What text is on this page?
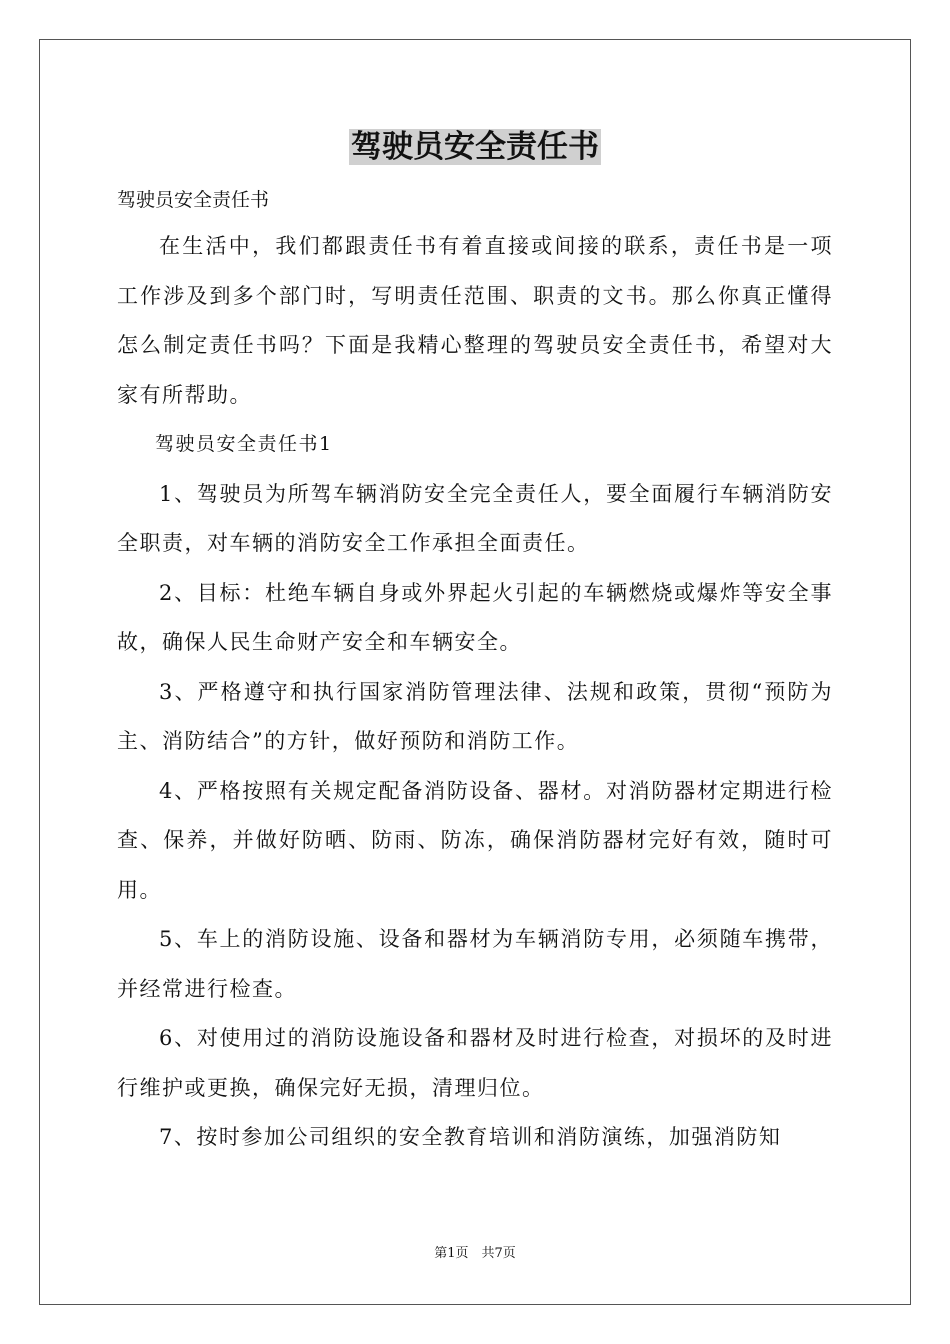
驾驶员安全责任书

驾驶员安全责任书

在生活中，我们都跟责任书有着直接或间接的联系，责任书是一项工作涉及到多个部门时，写明责任范围、职责的文书。那么你真正懂得怎么制定责任书吗？下面是我精心整理的驾驶员安全责任书，希望对大家有所帮助。

驾驶员安全责任书1

1、驾驶员为所驾车辆消防安全完全责任人，要全面履行车辆消防安全职责，对车辆的消防安全工作承担全面责任。

2、目标：杜绝车辆自身或外界起火引起的车辆燃烧或爆炸等安全事故，确保人民生命财产安全和车辆安全。

3、严格遵守和执行国家消防管理法律、法规和政策，贯彻“预防为主、消防结合”的方针，做好预防和消防工作。

4、严格按照有关规定配备消防设备、器材。对消防器材定期进行检查、保养，并做好防晒、防雨、防冻，确保消防器材完好有效，随时可用。

5、车上的消防设施、设备和器材为车辆消防专用，必须随车携带，并经常进行检查。

6、对使用过的消防设施设备和器材及时进行检查，对损坏的及时进行维护或更换，确保完好无损，清理归位。

7、按时参加公司组织的安全教育培训和消防演练，加强消防知

第1页　共7页
